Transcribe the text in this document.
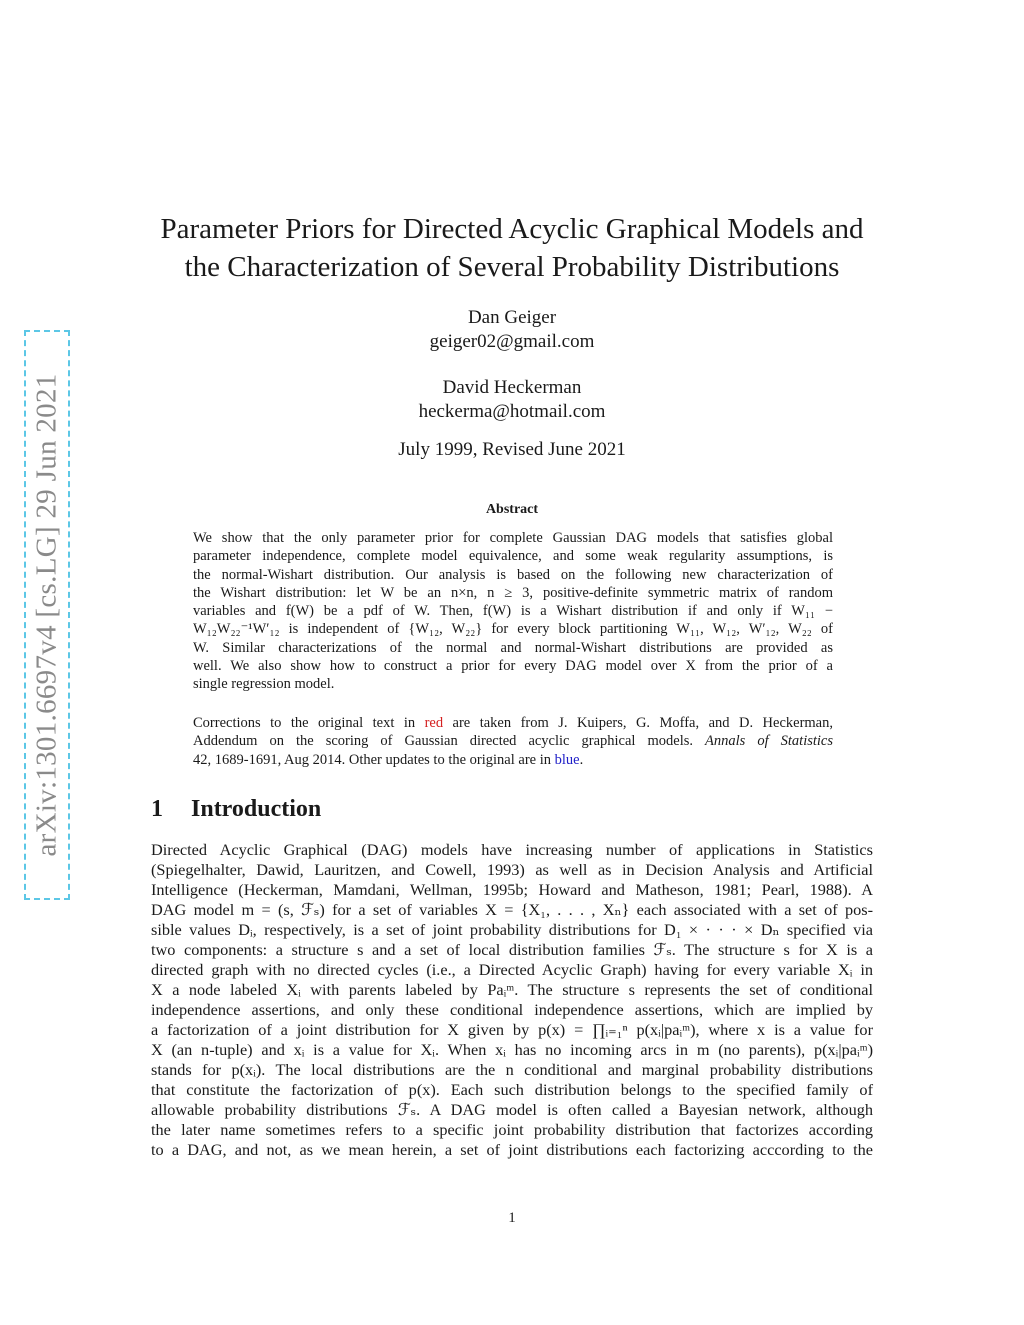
arXiv:1301.6697v4 [cs.LG] 29 Jun 2021
Parameter Priors for Directed Acyclic Graphical Models and
the Characterization of Several Probability Distributions
Dan Geiger
geiger02@gmail.com
David Heckerman
heckerma@hotmail.com
July 1999, Revised June 2021
Abstract
We show that the only parameter prior for complete Gaussian DAG models that satisfies global
parameter independence, complete model equivalence, and some weak regularity assumptions, is
the normal-Wishart distribution. Our analysis is based on the following new characterization of
the Wishart distribution: let W be an n×n, n ≥ 3, positive-definite symmetric matrix of random
variables and f(W) be a pdf of W. Then, f(W) is a Wishart distribution if and only if W₁₁ −
W₁₂W₂₂⁻¹W′₁₂ is independent of {W₁₂, W₂₂} for every block partitioning W₁₁, W₁₂, W′₁₂, W₂₂ of
W. Similar characterizations of the normal and normal-Wishart distributions are provided as
well. We also show how to construct a prior for every DAG model over X from the prior of a
single regression model.
Corrections to the original text in red are taken from J. Kuipers, G. Moffa, and D. Heckerman,
Addendum on the scoring of Gaussian directed acyclic graphical models. Annals of Statistics
42, 1689-1691, Aug 2014. Other updates to the original are in blue.
1 Introduction
Directed Acyclic Graphical (DAG) models have increasing number of applications in Statistics
(Spiegelhalter, Dawid, Lauritzen, and Cowell, 1993) as well as in Decision Analysis and Artificial
Intelligence (Heckerman, Mamdani, Wellman, 1995b; Howard and Matheson, 1981; Pearl, 1988). A
DAG model m = (s, ℱₛ) for a set of variables X = {X₁, . . . , Xₙ} each associated with a set of pos-
sible values Dᵢ, respectively, is a set of joint probability distributions for D₁ × · · · × Dₙ specified via
two components: a structure s and a set of local distribution families ℱₛ. The structure s for X is a
directed graph with no directed cycles (i.e., a Directed Acyclic Graph) having for every variable Xᵢ in
X a node labeled Xᵢ with parents labeled by Paᵢᵐ. The structure s represents the set of conditional
independence assertions, and only these conditional independence assertions, which are implied by
a factorization of a joint distribution for X given by p(x) = ∏ᵢ₌₁ⁿ p(xᵢ|paᵢᵐ), where x is a value for
X (an n-tuple) and xᵢ is a value for Xᵢ. When xᵢ has no incoming arcs in m (no parents), p(xᵢ|paᵢᵐ)
stands for p(xᵢ). The local distributions are the n conditional and marginal probability distributions
that constitute the factorization of p(x). Each such distribution belongs to the specified family of
allowable probability distributions ℱₛ. A DAG model is often called a Bayesian network, although
the later name sometimes refers to a specific joint probability distribution that factorizes according
to a DAG, and not, as we mean herein, a set of joint distributions each factorizing acccording to the
1
